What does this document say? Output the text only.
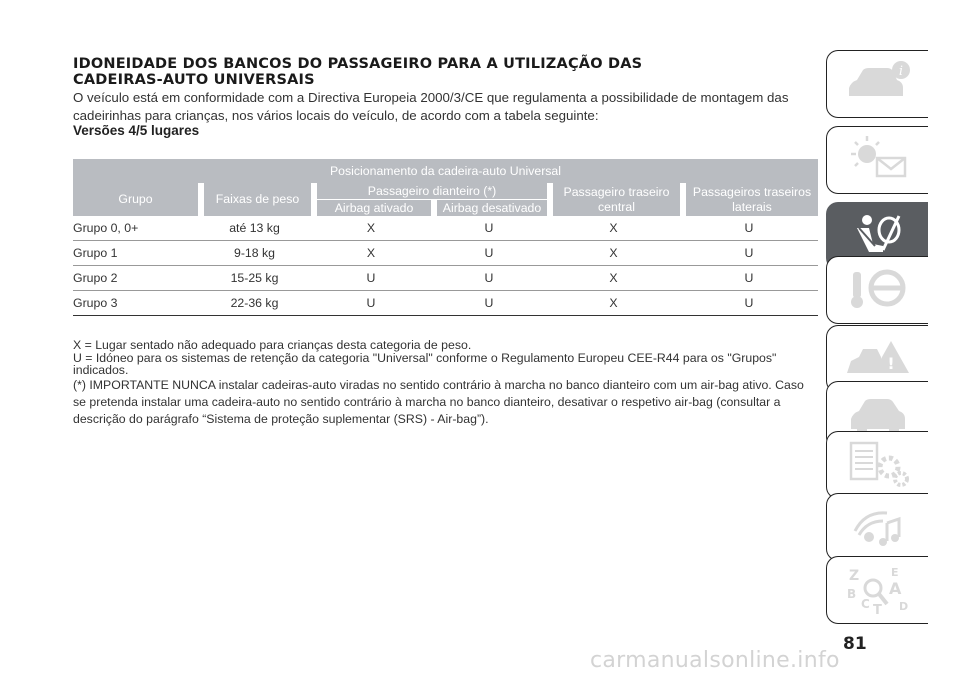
IDONEIDADE DOS BANCOS DO PASSAGEIRO PARA A UTILIZAÇÃO DAS
CADEIRAS-AUTO UNIVERSAIS
O veículo está em conformidade com a Directiva Europeia 2000/3/CE que regulamenta a possibilidade de montagem das cadeirinhas para crianças, nos vários locais do veículo, de acordo com a tabela seguinte:
Versões 4/5 lugares
Posicionamento da cadeira-auto Universal					
Grupo	Faixas de peso	Passageiro dianteiro (*)		Passageiro traseiro central	Passageiros traseiros laterais
		Airbag ativado	Airbag desativado		
Grupo 0, 0+	até 13 kg	X	U	X	U
Grupo 1	9-18 kg	X	U	X	U
Grupo 2	15-25 kg	U	U	X	U
Grupo 3	22-36 kg	U	U	X	U
X = Lugar sentado não adequado para crianças desta categoria de peso.
U = Idóneo para os sistemas de retenção da categoria "Universal" conforme o Regulamento Europeu CEE-R44 para os "Grupos" indicados.
(*) IMPORTANTE NUNCA instalar cadeiras-auto viradas no sentido contrário à marcha no banco dianteiro com um air-bag ativo. Caso se pretenda instalar uma cadeira-auto no sentido contrário à marcha no banco dianteiro, desativar o respetivo air-bag (consultar a descrição do parágrafo “Sistema de proteção suplementar (SRS) - Air-bag”).
i
!
Z	E
A
B
C T D
81
carmanualsonline.info
